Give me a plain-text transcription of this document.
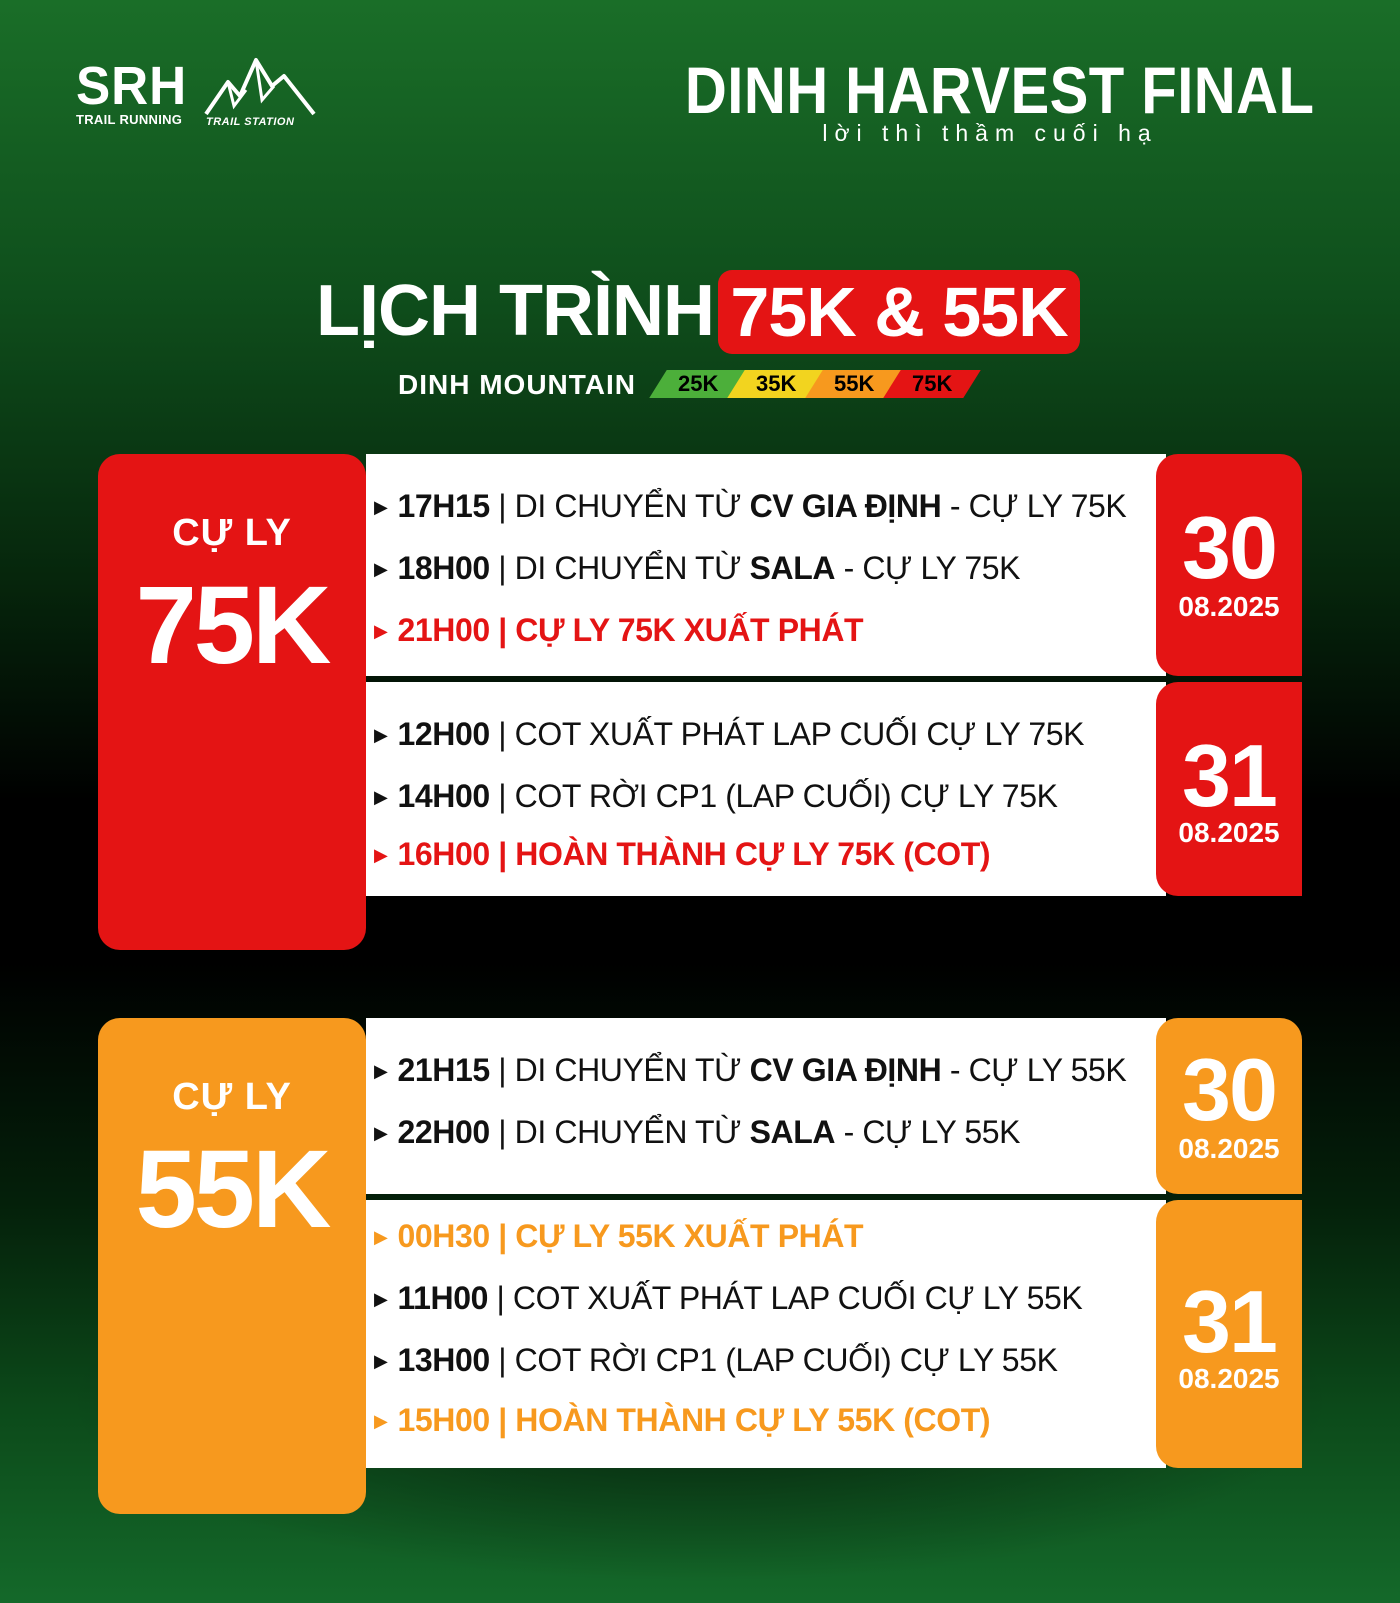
SRH
TRAIL RUNNING	TRAIL STATION	DINH HARVEST FINAL
lời thì thầm cuối hạ
LỊCH TRÌNH 75K & 55K
DINH MOUNTAIN	25K	35K	55K	75K
CỰ LY
75K
30
08.2025
▶ 17H15 | DI CHUYỂN TỪ CV GIA ĐỊNH - CỰ LY 75K
▶ 18H00 | DI CHUYỂN TỪ SALA - CỰ LY 75K
▶ 21H00 | CỰ LY 75K XUẤT PHÁT
31
08.2025
▶ 12H00 | COT XUẤT PHÁT LAP CUỐI CỰ LY 75K
▶ 14H00 | COT RỜI CP1 (LAP CUỐI) CỰ LY 75K
▶ 16H00 | HOÀN THÀNH CỰ LY 75K (COT)
CỰ LY
55K
30
08.2025
▶ 21H15 | DI CHUYỂN TỪ CV GIA ĐỊNH - CỰ LY 55K
▶ 22H00 | DI CHUYỂN TỪ SALA - CỰ LY 55K
31
08.2025
▶ 00H30 | CỰ LY 55K XUẤT PHÁT
▶ 11H00 | COT XUẤT PHÁT LAP CUỐI CỰ LY 55K
▶ 13H00 | COT RỜI CP1 (LAP CUỐI) CỰ LY 55K
▶ 15H00 | HOÀN THÀNH CỰ LY 55K (COT)
